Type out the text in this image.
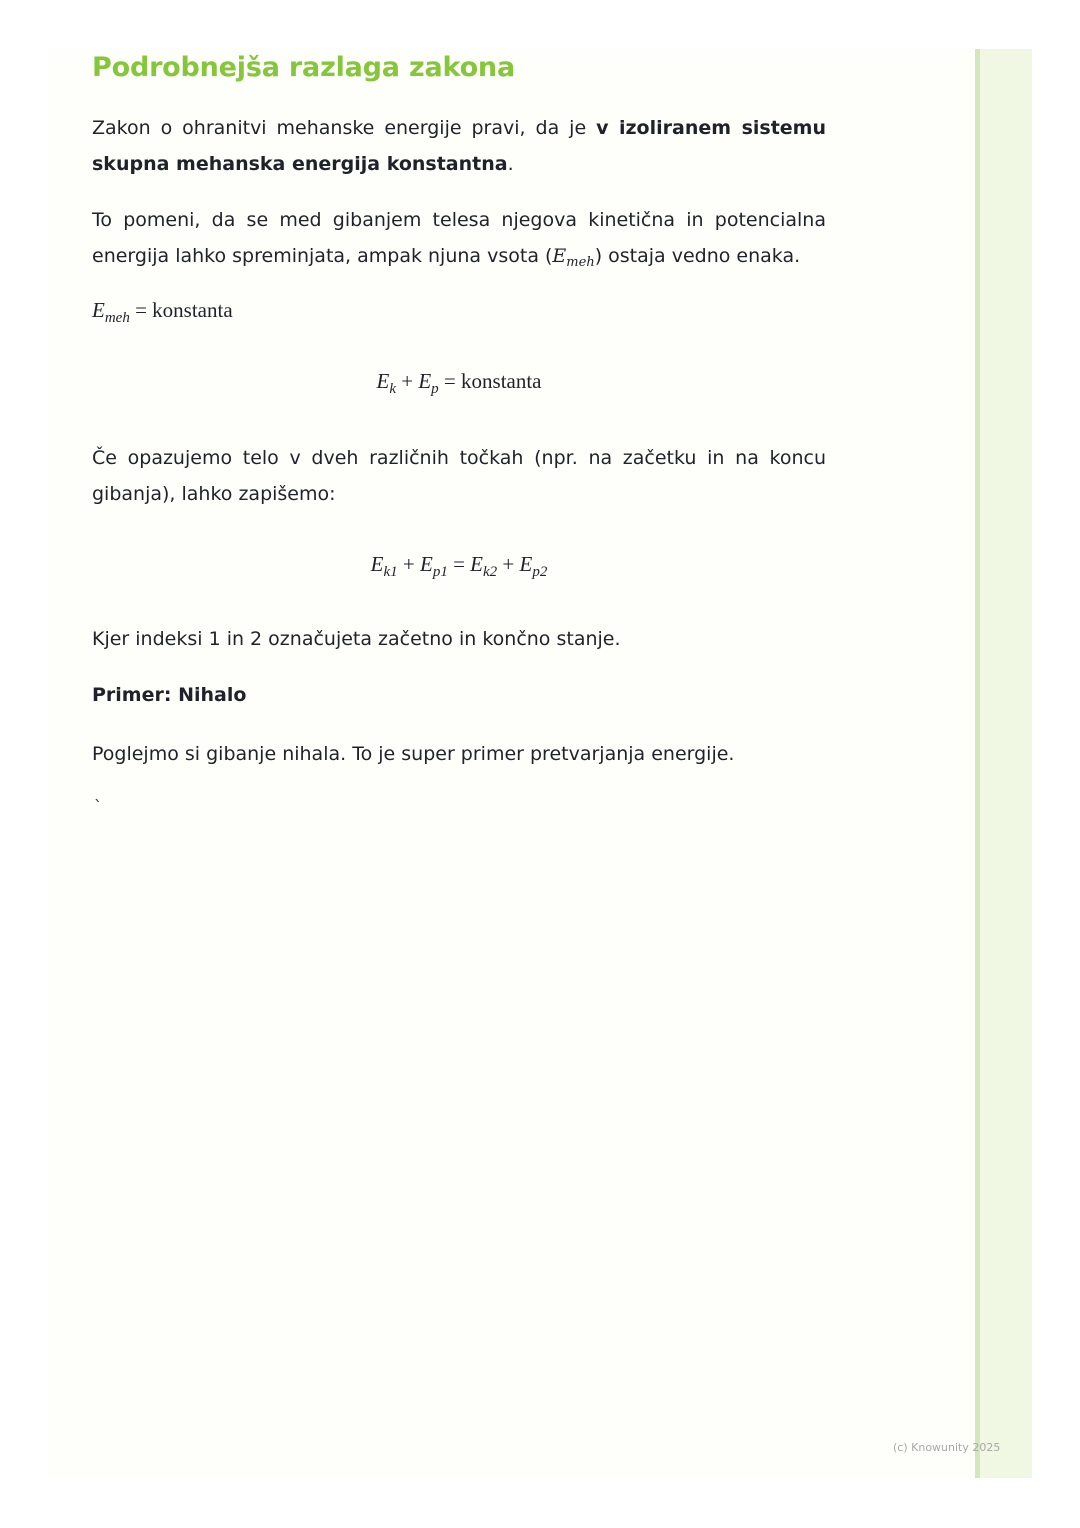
Podrobnejša razlaga zakona

Zakon o ohranitvi mehanske energije pravi, da je v izoliranem sistemu skupna mehanska energija konstantna.

To pomeni, da se med gibanjem telesa njegova kinetična in potencialna energija lahko spreminjata, ampak njuna vsota $(E_{meh})$ ostaja vedno enaka.

$E_{meh}$ = konstanta
$E_k + E_p$ = konstanta

Če opazujemo telo v dveh različnih točkah (npr. na začetku in na koncu gibanja), lahko zapišemo:

$E_{k1} + E_{p1} = E_{k2} + E_{p2}$

Kjer indeksi 1 in 2 označujeta začetno in končno stanje.

Primer: Nihalo

Poglejmo si gibanje nihala. To je super primer pretvarjanja energije.

`
(c) Knowunity 2025
